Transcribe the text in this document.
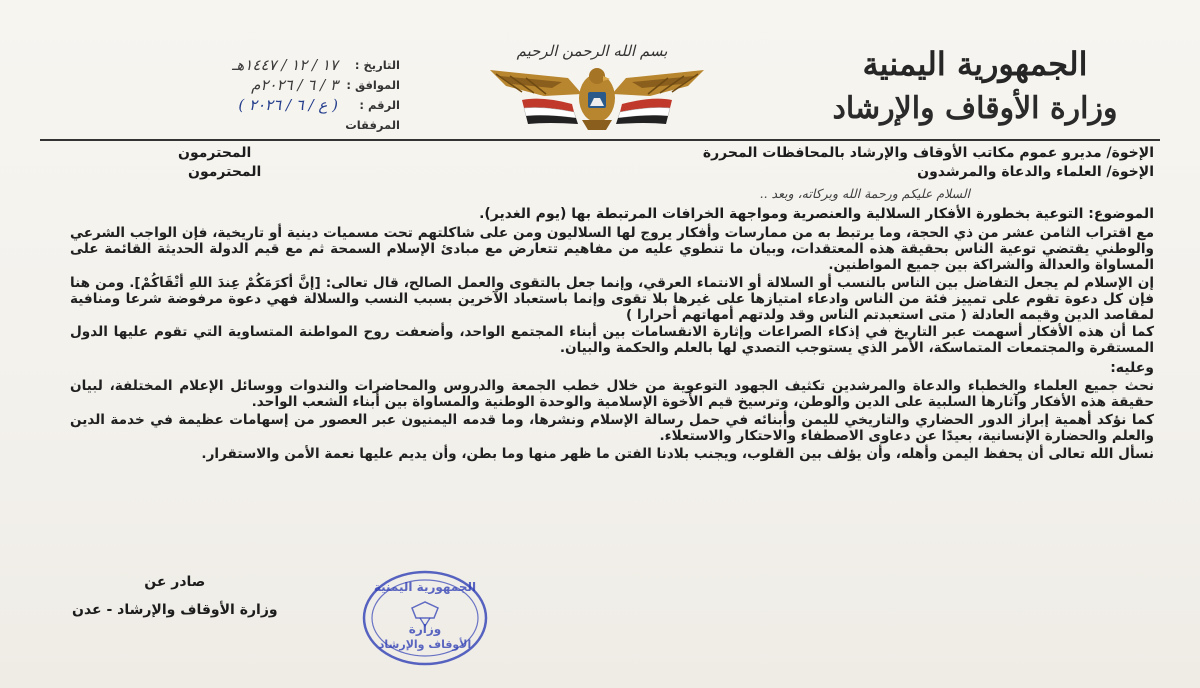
الجمهورية اليمنية
وزارة الأوقاف والإرشاد
بسم الله الرحمن الرحيم
التاريخ :
١٧ / ١٢ / ١٤٤٧هـ
الموافق :
٣ / ٦ / ٢٠٢٦م
الرقم :
( ع / ٦ / ٢٠٢٦ )
المرفقات
الإخوة/ مديرو عموم مكاتب الأوقاف والإرشاد بالمحافظات المحررة
المحترمون
الإخوة/ العلماء والدعاة والمرشدون
المحترمون
السلام عليكم ورحمة الله وبركاته، وبعد ..
الموضوع: التوعية بخطورة الأفكار السلالية والعنصرية ومواجهة الخرافات المرتبطة بها (يوم الغدير).

مع اقتراب الثامن عشر من ذي الحجة، وما يرتبط به من ممارسات وأفكار يروج لها السلاليون ومن على شاكلتهم تحت مسميات دينية أو تاريخية، فإن الواجب الشرعي والوطني يقتضي توعية الناس بحقيقة هذه المعتقدات، وبيان ما تنطوي عليه من مفاهيم تتعارض مع مبادئ الإسلام السمحة ثم مع قيم الدولة الحديثة القائمة على المساواة والعدالة والشراكة بين جميع المواطنين.

إن الإسلام لم يجعل التفاضل بين الناس بالنسب أو السلالة أو الانتماء العرقي، وإنما جعل بالتقوى والعمل الصالح، قال تعالى: [إنَّ أكرَمَكُمْ عِندَ اللهِ أتْقَاكُمْ]. ومن هنا فإن كل دعوة تقوم على تمييز فئة من الناس وادعاء امتيازها على غيرها بلا تقوى وإنما باستعباد الآخرين بسبب النسب والسلالة فهي دعوة مرفوضة شرعا ومنافية لمقاصد الدين وقيمه العادلة ( متى استعبدتم الناس وقد ولدتهم أمهاتهم أحرارا )

كما أن هذه الأفكار أسهمت عبر التاريخ في إذكاء الصراعات وإثارة الانقسامات بين أبناء المجتمع الواحد، وأضعفت روح المواطنة المتساوية التي تقوم عليها الدول المستقرة والمجتمعات المتماسكة، الأمر الذي يستوجب التصدي لها بالعلم والحكمة والبيان.

وعليه:

نحث جميع العلماء والخطباء والدعاة والمرشدين تكثيف الجهود التوعوية من خلال خطب الجمعة والدروس والمحاضرات والندوات ووسائل الإعلام المختلفة، لبيان حقيقة هذه الأفكار وآثارها السلبية على الدين والوطن، وترسيخ قيم الأخوة الإسلامية والوحدة الوطنية والمساواة بين أبناء الشعب الواحد.

كما نؤكد أهمية إبراز الدور الحضاري والتاريخي لليمن وأبنائه في حمل رسالة الإسلام ونشرها، وما قدمه اليمنيون عبر العصور من إسهامات عظيمة في خدمة الدين والعلم والحضارة الإنسانية، بعيدًا عن دعاوى الاصطفاء والاحتكار والاستعلاء.

نسأل الله تعالى أن يحفظ اليمن وأهله، وأن يؤلف بين القلوب، ويجنب بلادنا الفتن ما ظهر منها وما بطن، وأن يديم عليها نعمة الأمن والاستقرار.

صادر عن
وزارة الأوقاف والإرشاد - عدن
الجمهورية اليمنية
وزارة
الأوقاف والإرشاد
